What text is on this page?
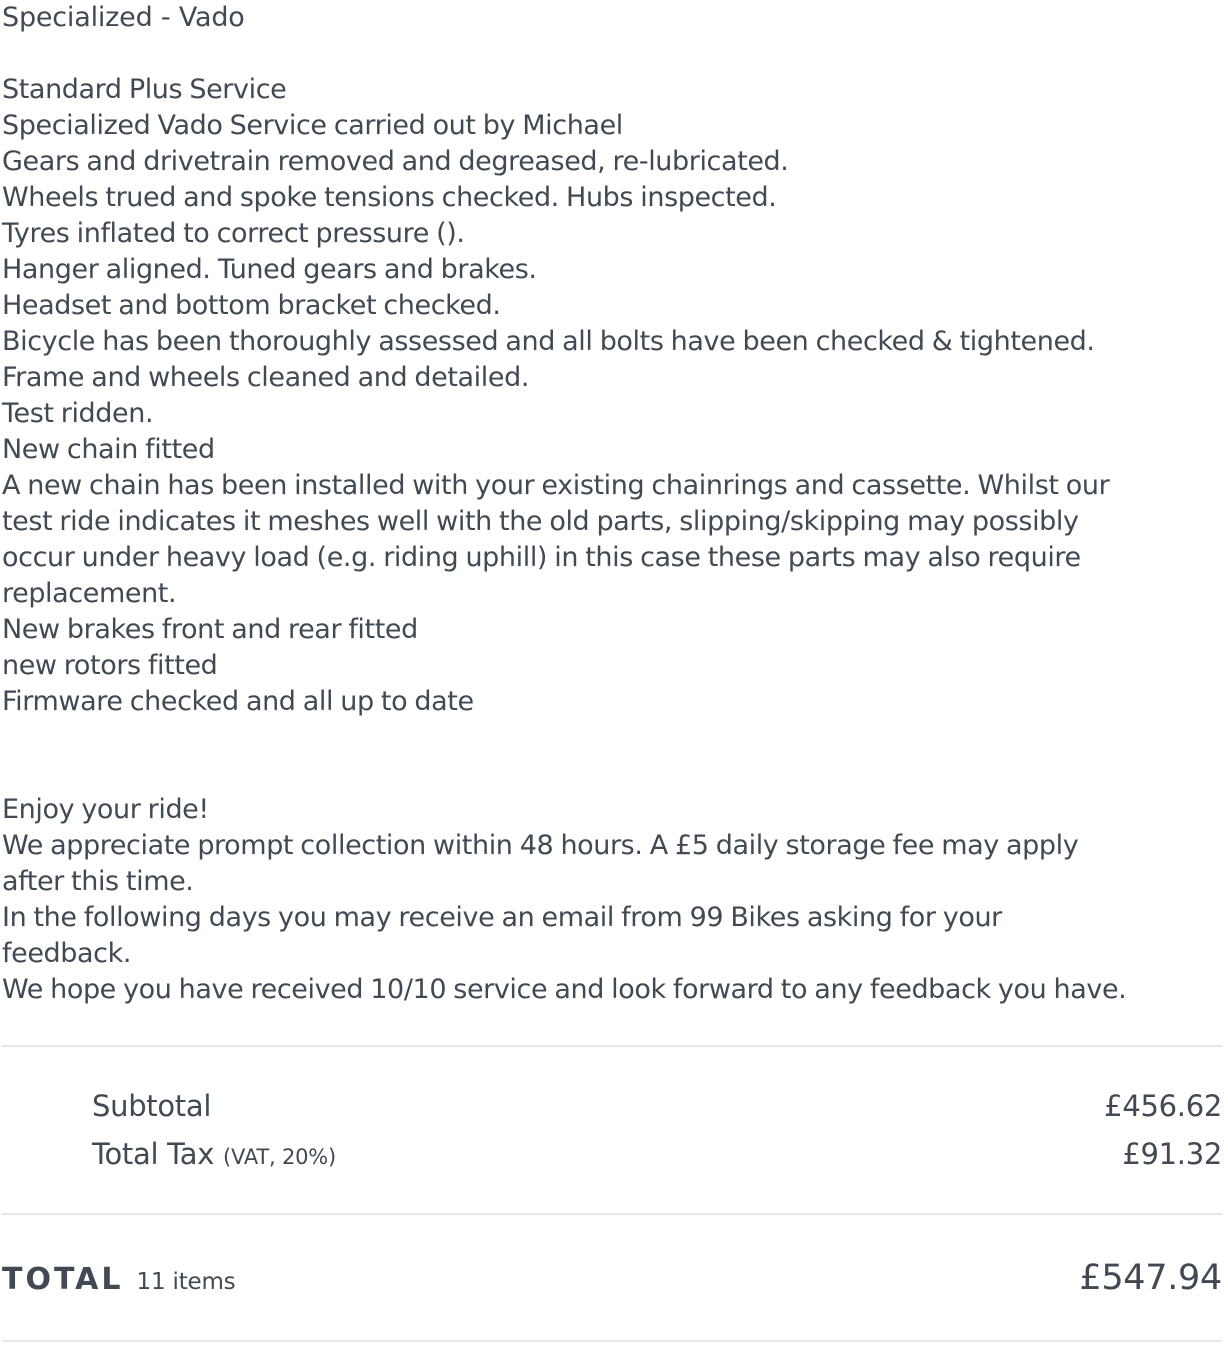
Specialized - Vado
Standard Plus Service
Specialized Vado Service carried out by Michael
Gears and drivetrain removed and degreased, re-lubricated.
Wheels trued and spoke tensions checked. Hubs inspected.
Tyres inflated to correct pressure ().
Hanger aligned. Tuned gears and brakes.
Headset and bottom bracket checked.
Bicycle has been thoroughly assessed and all bolts have been checked & tightened.
Frame and wheels cleaned and detailed.
Test ridden.
New chain fitted
A new chain has been installed with your existing chainrings and cassette. Whilst our test ride indicates it meshes well with the old parts, slipping/skipping may possibly occur under heavy load (e.g. riding uphill) in this case these parts may also require replacement.
New brakes front and rear fitted
new rotors fitted
Firmware checked and all up to date
Enjoy your ride!
We appreciate prompt collection within 48 hours. A £5 daily storage fee may apply after this time.
In the following days you may receive an email from 99 Bikes asking for your feedback.
We hope you have received 10/10 service and look forward to any feedback you have.
Subtotal	£456.62
Total Tax (VAT, 20%)	£91.32
TOTAL 11 items	£547.94
